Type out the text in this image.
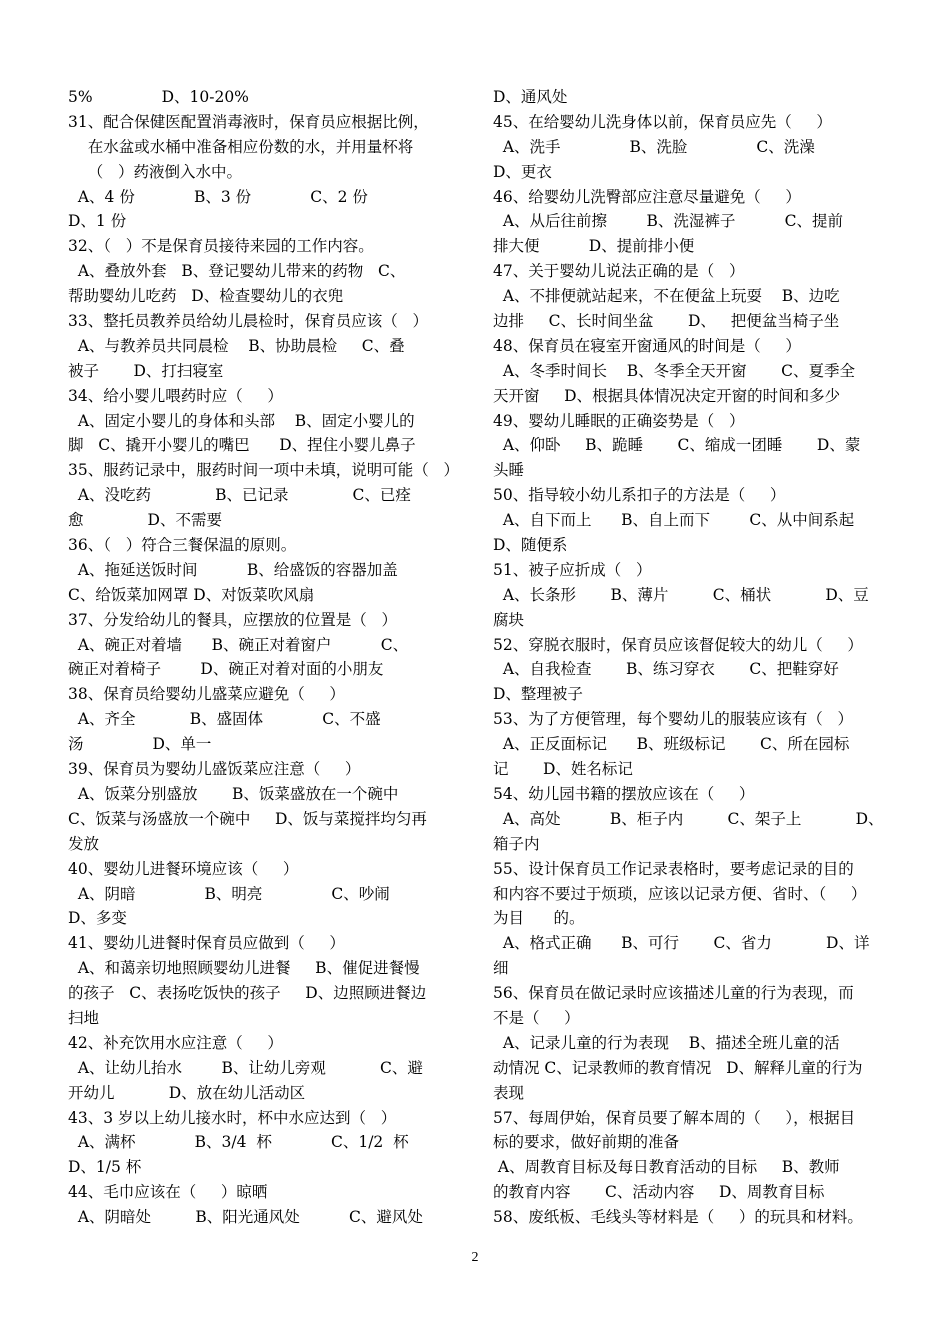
5%              D、10-20%
31、配合保健医配置消毒液时，保育员应根据比例，
在水盆或水桶中准备相应份数的水，并用量杯将
（   ）药液倒入水中。
A、4 份            B、3 份            C、2 份
D、1 份
32、（   ）不是保育员接待来园的工作内容。
A、叠放外套   B、登记婴幼儿带来的药物   C、
帮助婴幼儿吃药   D、检查婴幼儿的衣兜
33、整托员教养员给幼儿晨检时，保育员应该（   ）
A、与教养员共同晨检    B、协助晨检     C、叠
被子       D、打扫寝室
34、给小婴儿喂药时应（     ）
A、固定小婴儿的身体和头部    B、固定小婴儿的
脚   C、撬开小婴儿的嘴巴      D、捏住小婴儿鼻子
35、服药记录中，服药时间一项中未填，说明可能（   ）
A、没吃药             B、已记录             C、已痊
愈             D、不需要
36、（   ）符合三餐保温的原则。
A、拖延送饭时间          B、给盛饭的容器加盖
C、给饭菜加网罩 D、对饭菜吹风扇
37、分发给幼儿的餐具，应摆放的位置是（   ）
A、碗正对着墙      B、碗正对着窗户          C、
碗正对着椅子        D、碗正对着对面的小朋友
38、保育员给婴幼儿盛菜应避免（     ）
A、齐全           B、盛固体            C、不盛
汤              D、单一
39、保育员为婴幼儿盛饭菜应注意（     ）
A、饭菜分别盛放       B、饭菜盛放在一个碗中
C、饭菜与汤盛放一个碗中     D、饭与菜搅拌均匀再
发放
40、婴幼儿进餐环境应该（     ）
A、阴暗              B、明亮              C、吵闹
D、多变
41、婴幼儿进餐时保育员应做到（     ）
A、和蔼亲切地照顾婴幼儿进餐     B、催促进餐慢
的孩子   C、表扬吃饭快的孩子     D、边照顾进餐边
扫地
42、补充饮用水应注意（     ）
A、让幼儿抬水        B、让幼儿旁观           C、避
开幼儿           D、放在幼儿活动区
43、3 岁以上幼儿接水时，杯中水应达到（   ）
A、满杯            B、3/4  杯            C、1/2  杯
D、1/5 杯
44、毛巾应该在（     ）晾晒
A、阴暗处         B、阳光通风处          C、避风处
D、通风处
45、在给婴幼儿洗身体以前，保育员应先（     ）
A、洗手              B、洗脸              C、洗澡
D、更衣
46、给婴幼儿洗臀部应注意尽量避免（     ）
A、从后往前擦        B、洗湿裤子          C、提前
排大便          D、提前排小便
47、关于婴幼儿说法正确的是（   ）
A、不排便就站起来，不在便盆上玩耍    B、边吃
边排     C、长时间坐盆       D、   把便盆当椅子坐
48、保育员在寝室开窗通风的时间是（     ）
A、冬季时间长    B、冬季全天开窗       C、夏季全
天开窗     D、根据具体情况决定开窗的时间和多少
49、婴幼儿睡眠的正确姿势是（   ）
A、仰卧     B、跪睡       C、缩成一团睡       D、蒙
头睡
50、指导较小幼儿系扣子的方法是（     ）
A、自下而上      B、自上而下        C、从中间系起
D、随便系
51、被子应折成（   ）
A、长条形       B、薄片         C、桶状           D、豆
腐块
52、穿脱衣服时，保育员应该督促较大的幼儿（     ）
A、自我检查       B、练习穿衣       C、把鞋穿好
D、整理被子
53、为了方便管理，每个婴幼儿的服装应该有（   ）
A、正反面标记      B、班级标记       C、所在园标
记       D、姓名标记
54、幼儿园书籍的摆放应该在（     ）
A、高处          B、柜子内         C、架子上           D、
箱子内
55、设计保育员工作记录表格时，要考虑记录的目的
和内容不要过于烦琐，应该以记录方便、省时、（     ）
为目      的。
A、格式正确      B、可行       C、省力           D、详
细
56、保育员在做记录时应该描述儿童的行为表现，而
不是（     ）
A、记录儿童的行为表现    B、描述全班儿童的活
动情况 C、记录教师的教育情况   D、解释儿童的行为
表现
57、每周伊始，保育员要了解本周的（     ），根据目
标的要求，做好前期的准备
A、周教育目标及每日教育活动的目标     B、教师
的教育内容       C、活动内容     D、周教育目标
58、废纸板、毛线头等材料是（     ）的玩具和材料。
2
